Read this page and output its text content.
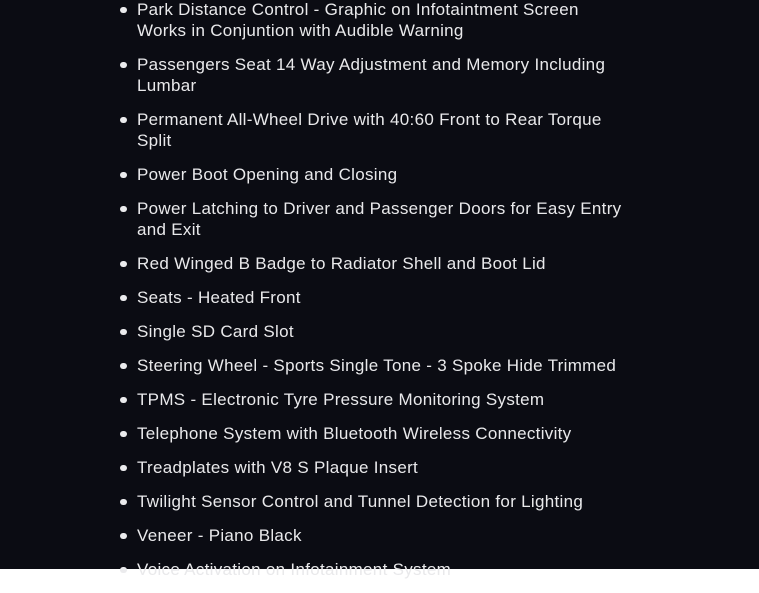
Park Distance Control - Graphic on Infotaintment Screen Works in Conjuntion with Audible Warning
Passengers Seat 14 Way Adjustment and Memory Including Lumbar
Permanent All-Wheel Drive with 40:60 Front to Rear Torque Split
Power Boot Opening and Closing
Power Latching to Driver and Passenger Doors for Easy Entry and Exit
Red Winged B Badge to Radiator Shell and Boot Lid
Seats - Heated Front
Single SD Card Slot
Steering Wheel - Sports Single Tone - 3 Spoke Hide Trimmed
TPMS - Electronic Tyre Pressure Monitoring System
Telephone System with Bluetooth Wireless Connectivity
Treadplates with V8 S Plaque Insert
Twilight Sensor Control and Tunnel Detection for Lighting
Veneer - Piano Black
Voice Activation on Infotainment System
